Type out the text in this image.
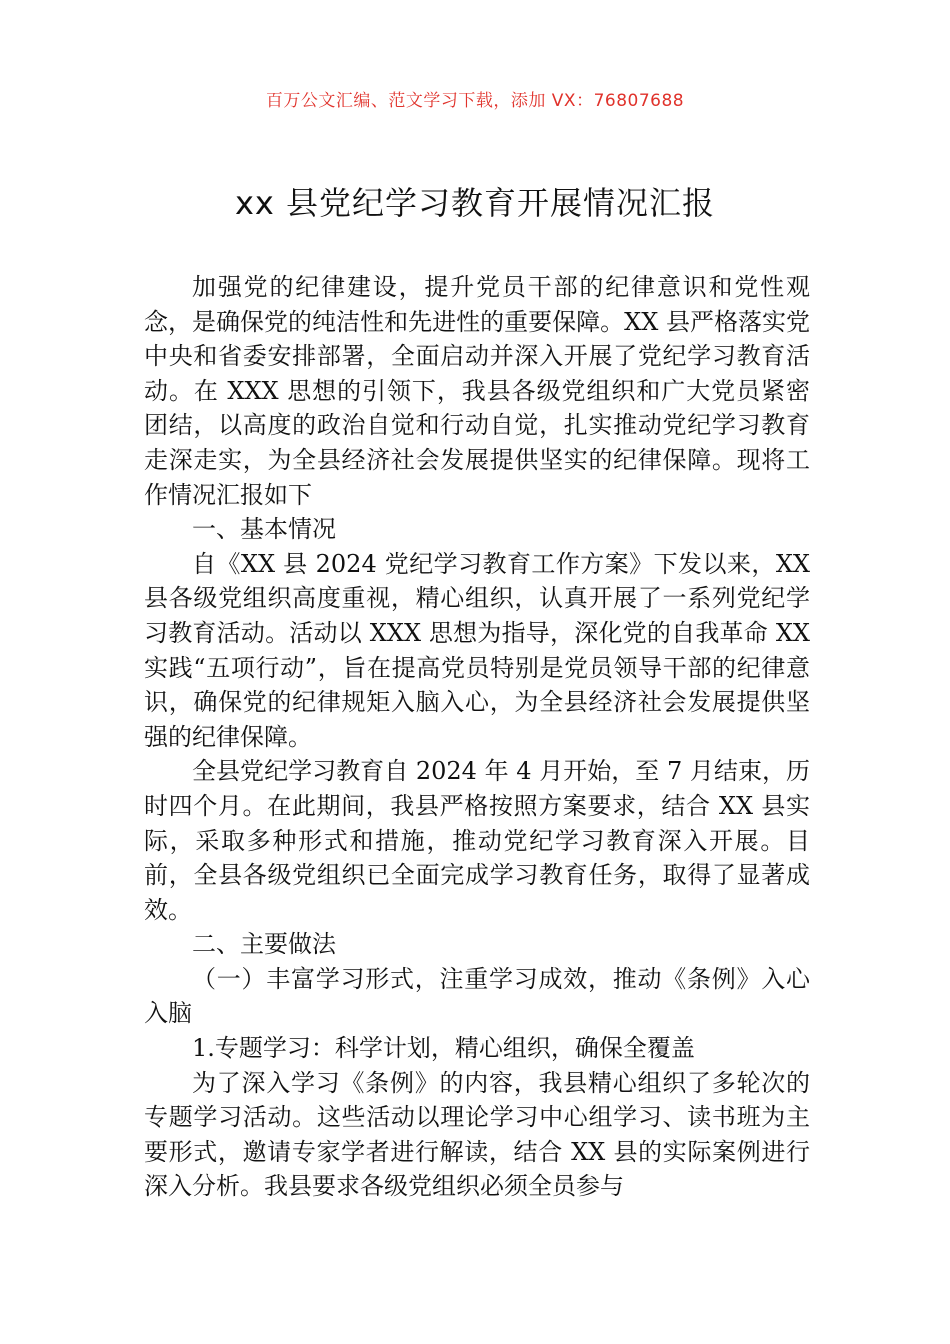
百万公文汇编、范文学习下载，添加 VX：76807688
xx 县党纪学习教育开展情况汇报

加强党的纪律建设，提升党员干部的纪律意识和党性观念，是确保党的纯洁性和先进性的重要保障。XX 县严格落实党中央和省委安排部署，全面启动并深入开展了党纪学习教育活动。在 XXX 思想的引领下，我县各级党组织和广大党员紧密团结，以高度的政治自觉和行动自觉，扎实推动党纪学习教育走深走实，为全县经济社会发展提供坚实的纪律保障。现将工作情况汇报如下

一、基本情况

自《XX 县 2024 党纪学习教育工作方案》下发以来，XX 县各级党组织高度重视，精心组织，认真开展了一系列党纪学习教育活动。活动以 XXX 思想为指导，深化党的自我革命 XX 实践“五项行动”，旨在提高党员特别是党员领导干部的纪律意识，确保党的纪律规矩入脑入心，为全县经济社会发展提供坚强的纪律保障。

全县党纪学习教育自 2024 年 4 月开始，至 7 月结束，历时四个月。在此期间，我县严格按照方案要求，结合 XX 县实际，采取多种形式和措施，推动党纪学习教育深入开展。目前，全县各级党组织已全面完成学习教育任务，取得了显著成效。

二、主要做法

（一）丰富学习形式，注重学习成效，推动《条例》入心入脑

1.专题学习：科学计划，精心组织，确保全覆盖

为了深入学习《条例》的内容，我县精心组织了多轮次的专题学习活动。这些活动以理论学习中心组学习、读书班为主要形式，邀请专家学者进行解读，结合 XX 县的实际案例进行深入分析。我县要求各级党组织必须全员参与
